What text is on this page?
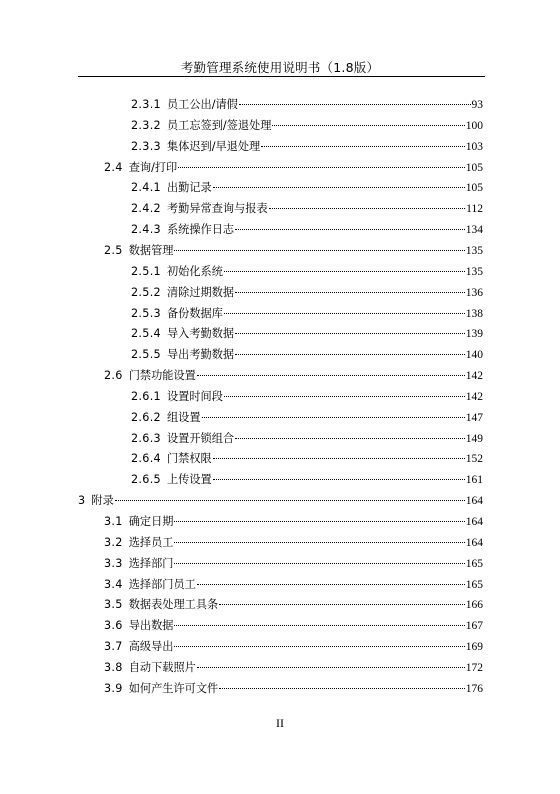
考勤管理系统使用说明书（1.8版）
2.3.1 员工公出/请假	93
2.3.2 员工忘签到/签退处理	100
2.3.3 集体迟到/早退处理	103
2.4 查询/打印	105
2.4.1 出勤记录	105
2.4.2 考勤异常查询与报表	112
2.4.3 系统操作日志	134
2.5 数据管理	135
2.5.1 初始化系统	135
2.5.2 清除过期数据	136
2.5.3 备份数据库	138
2.5.4 导入考勤数据	139
2.5.5 导出考勤数据	140
2.6 门禁功能设置	142
2.6.1 设置时间段	142
2.6.2 组设置	147
2.6.3 设置开锁组合	149
2.6.4 门禁权限	152
2.6.5 上传设置	161
3 附录	164
3.1 确定日期	164
3.2 选择员工	164
3.3 选择部门	165
3.4 选择部门员工	165
3.5 数据表处理工具条	166
3.6 导出数据	167
3.7 高级导出	169
3.8 自动下载照片	172
3.9 如何产生许可文件	176
II
